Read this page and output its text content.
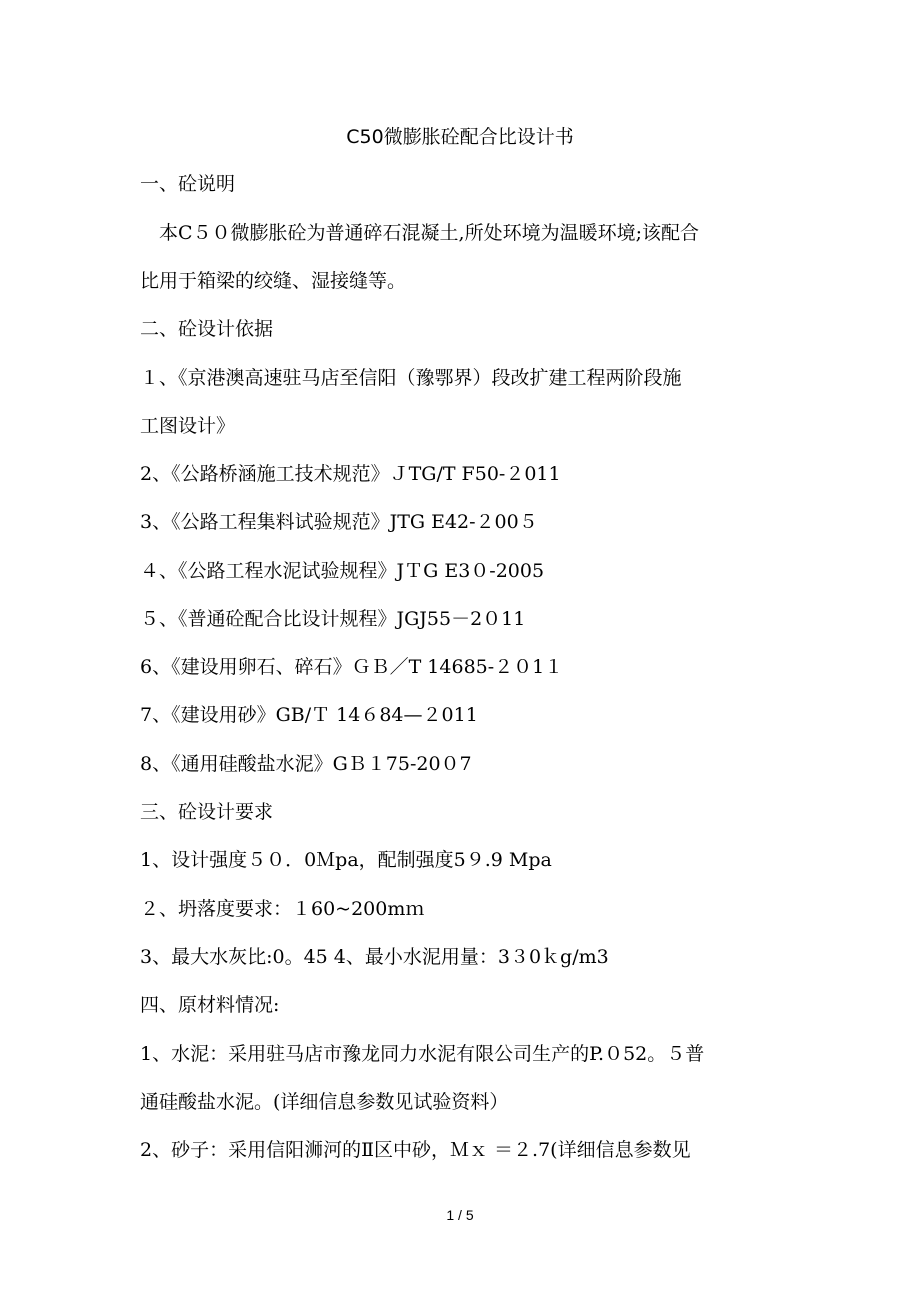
C50微膨胀砼配合比设计书
一、砼说明
　本C５０微膨胀砼为普通碎石混凝土,所处环境为温暖环境;该配合
比用于箱梁的绞缝、湿接缝等。
二、砼设计依据
１、《京港澳高速驻马店至信阳（豫鄂界）段改扩建工程两阶段施
工图设计》
2、《公路桥涵施工技术规范》ＪTG/T F50-２011
3、《公路工程集料试验规范》JTG E42-２00５
４、《公路工程水泥试验规程》JＴG E3０-2005
５、《普通砼配合比设计规程》JGJ55－2０11
6、《建设用卵石、碎石》ＧＢ／T 14685-２０1１
7、《建设用砂》GB/Ｔ 14６84—２011
8、《通用硅酸盐水泥》GＢ１75-20０7
三、砼设计要求
1、设计强度５０．0Ｍpa，配制强度5９.9 Mpa
２、坍落度要求：１60~200mｍ
3、最大水灰比:0。45 4、最小水泥用量：3３0ｋg/m3
四、原材料情况:
1、水泥：采用驻马店市豫龙同力水泥有限公司生产的P.０52。５普
通硅酸盐水泥。(详细信息参数见试验资料）
2、砂子：采用信阳浉河的Ⅱ区中砂，Ｍｘ ＝２.7(详细信息参数见
1 / 5
